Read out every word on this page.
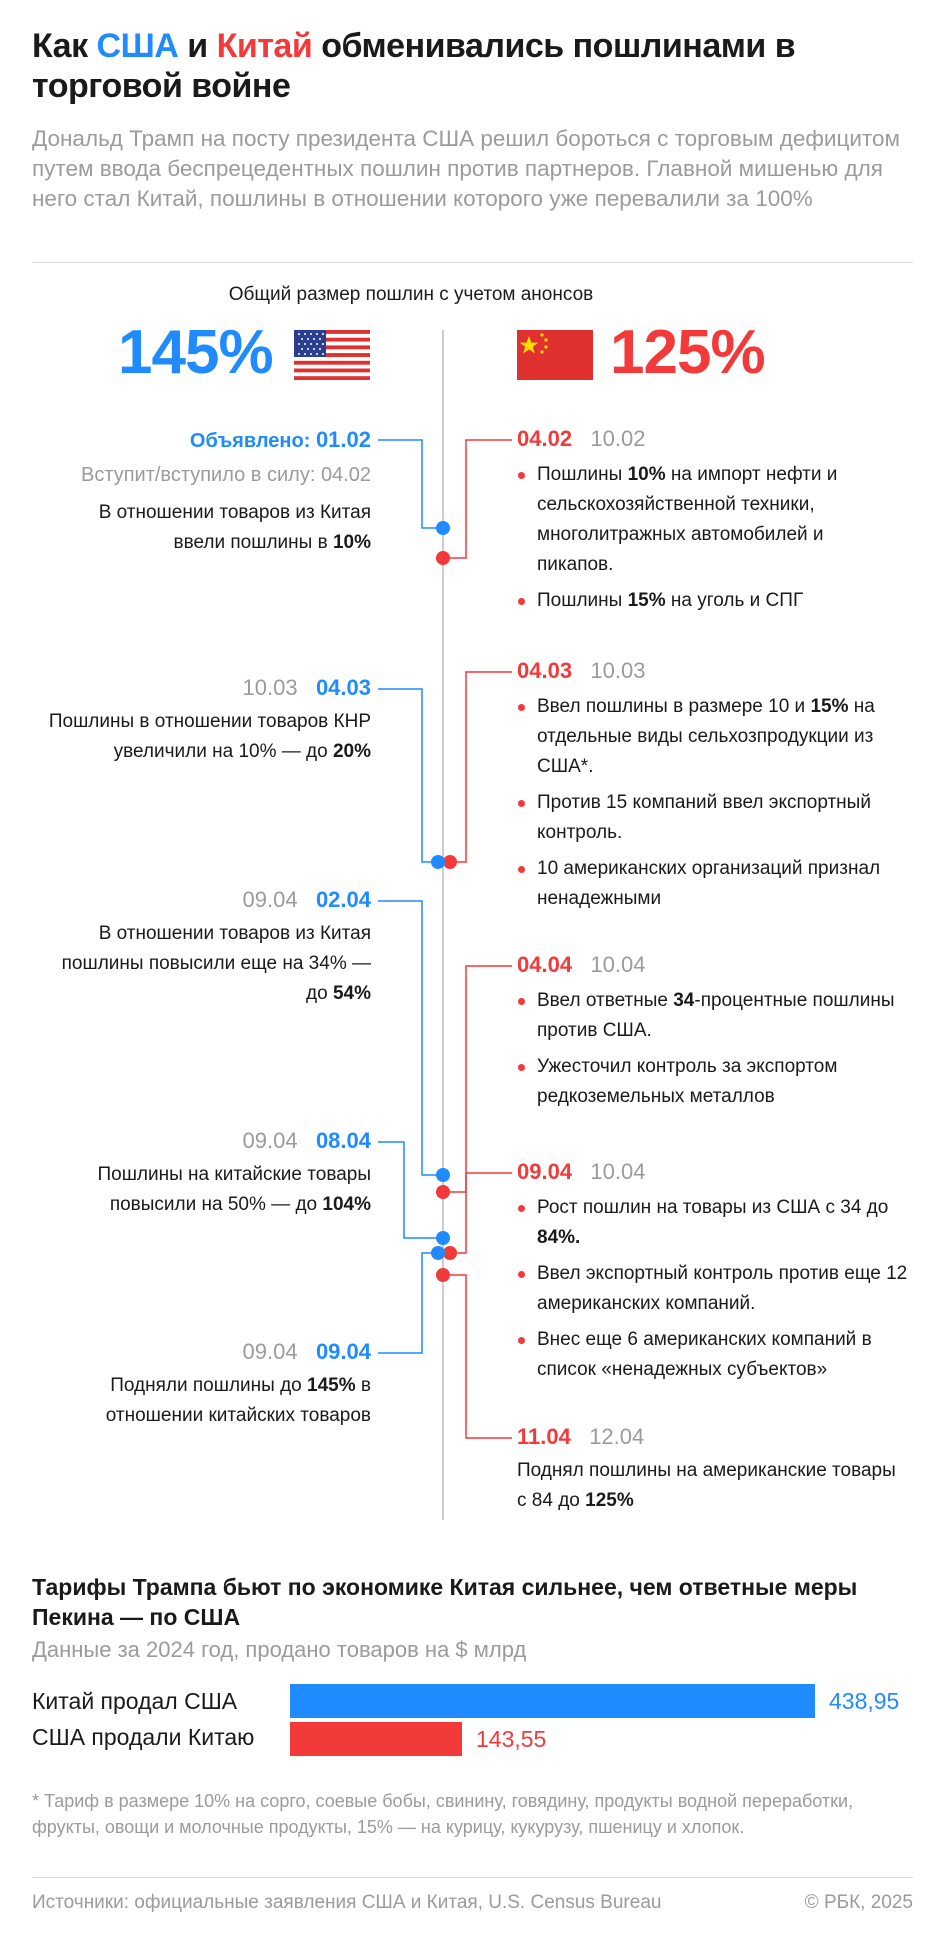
Как США и Китай обменивались пошлинами в торговой войне
Дональд Трамп на посту президента США решил бороться с торговым дефицитом путем ввода беспрецедентных пошлин против партнеров. Главной мишенью для него стал Китай, пошлины в отношении которого уже перевалили за 100%
Общий размер пошлин с учетом анонсов
145%	125%
Объявлено: 01.02
Вступит/вступило в силу: 04.02
В отношении товаров из Китая ввели пошлины в 10%
10.03 04.03
Пошлины в отношении товаров КНР увеличили на 10% — до 20%
09.04 02.04
В отношении товаров из Китая пошлины повысили еще на 34% — до 54%
09.04 08.04
Пошлины на китайские товары повысили на 50% — до 104%
09.04 09.04
Подняли пошлины до 145% в отношении китайских товаров
04.02 10.02
Пошлины 10% на импорт нефти и сельскохозяйственной техники, многолитражных автомобилей и пикапов.
Пошлины 15% на уголь и СПГ
04.03 10.03
Ввел пошлины в размере 10 и 15% на отдельные виды сельхозпродукции из США*.
Против 15 компаний ввел экспортный контроль.
10 американских организаций признал ненадежными
04.04 10.04
Ввел ответные 34-процентные пошлины против США.
Ужесточил контроль за экспортом редкоземельных металлов
09.04 10.04
Рост пошлин на товары из США с 34 до 84%.
Ввел экспортный контроль против еще 12 американских компаний.
Внес еще 6 американских компаний в список «ненадежных субъектов»
11.04 12.04
Поднял пошлины на американские товары с 84 до 125%
Тарифы Трампа бьют по экономике Китая сильнее, чем ответные меры Пекина — по США
Данные за 2024 год, продано товаров на $ млрд
Китай продал США
США продали Китаю
438,95
143,55
* Тариф в размере 10% на сорго, соевые бобы, свинину, говядину, продукты водной переработки, фрукты, овощи и молочные продукты, 15% — на курицу, кукурузу, пшеницу и хлопок.
Источники: официальные заявления США и Китая, U.S. Census Bureau	© РБК, 2025
